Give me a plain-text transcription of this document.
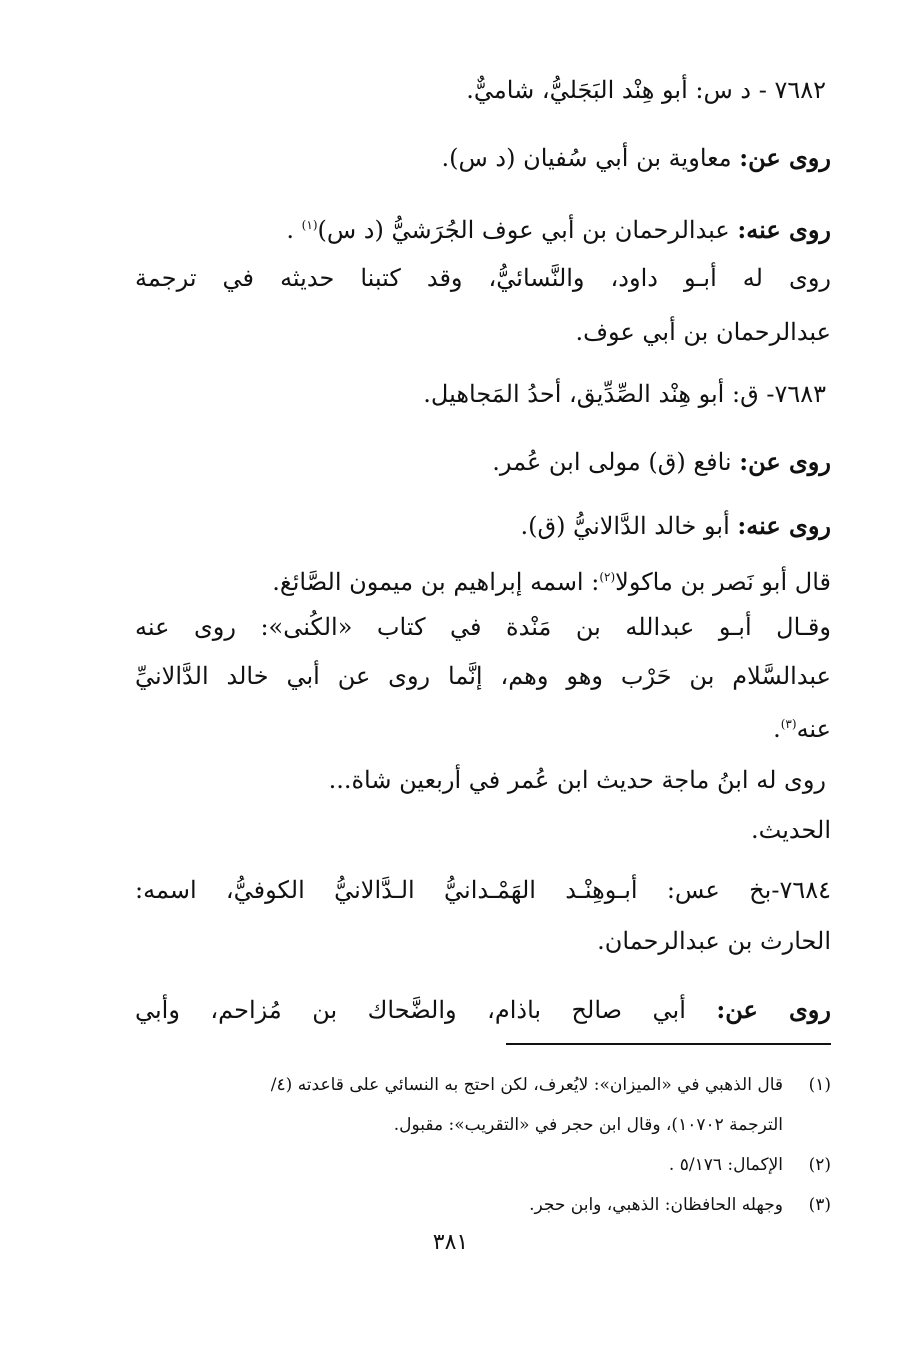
٧٦٨٢ - د س: أبو هِنْد البَجَليُّ، شاميٌّ.
روى عن: معاوية بن أبي سُفيان (د س).
روى عنه: عبدالرحمان بن أبي عوف الجُرَشيُّ (د س)$^{(١)}$ .
روى له أبـو داود، والنَّسائيُّ، وقد كتبنا حديثه في ترجمة
عبدالرحمان بن أبي عوف.
٧٦٨٣- ق: أبو هِنْد الصِّدِّيق، أحدُ المَجاهيل.
روى عن: نافع (ق) مولى ابن عُمر.
روى عنه: أبو خالد الدَّالانيُّ (ق).
قال أبو نَصر بن ماكولا$^{(٢)}$: اسمه إبراهيم بن ميمون الصَّائغ.
وقـال أبـو عبدالله بن مَنْدة في كتاب «الكُنى»: روى عنه
عبدالسَّلام بن حَرْب وهو وهم، إنَّما روى عن أبي خالد الدَّالانيِّ
عنه$^{(٣)}$.
روى له ابنُ ماجة حديث ابن عُمر في أربعين شاة...
الحديث.
٧٦٨٤-بخ عس: أبـوهِنْـد الهَمْـدانيُّ الـدَّالانيُّ الكوفيُّ، اسمه:
الحارث بن عبدالرحمان.
روى عن: أبي صالح باذام، والضَّحاك بن مُزاحم، وأبي
(١)قال الذهبي في «الميزان»: لايُعرف، لكن احتج به النسائي على قاعدته (٤/
الترجمة ١٠٧٠٢)، وقال ابن حجر في «التقريب»: مقبول.
(٢)الإكمال: ٥/١٧٦ .
(٣)وجهله الحافظان: الذهبي، وابن حجر.
٣٨١
